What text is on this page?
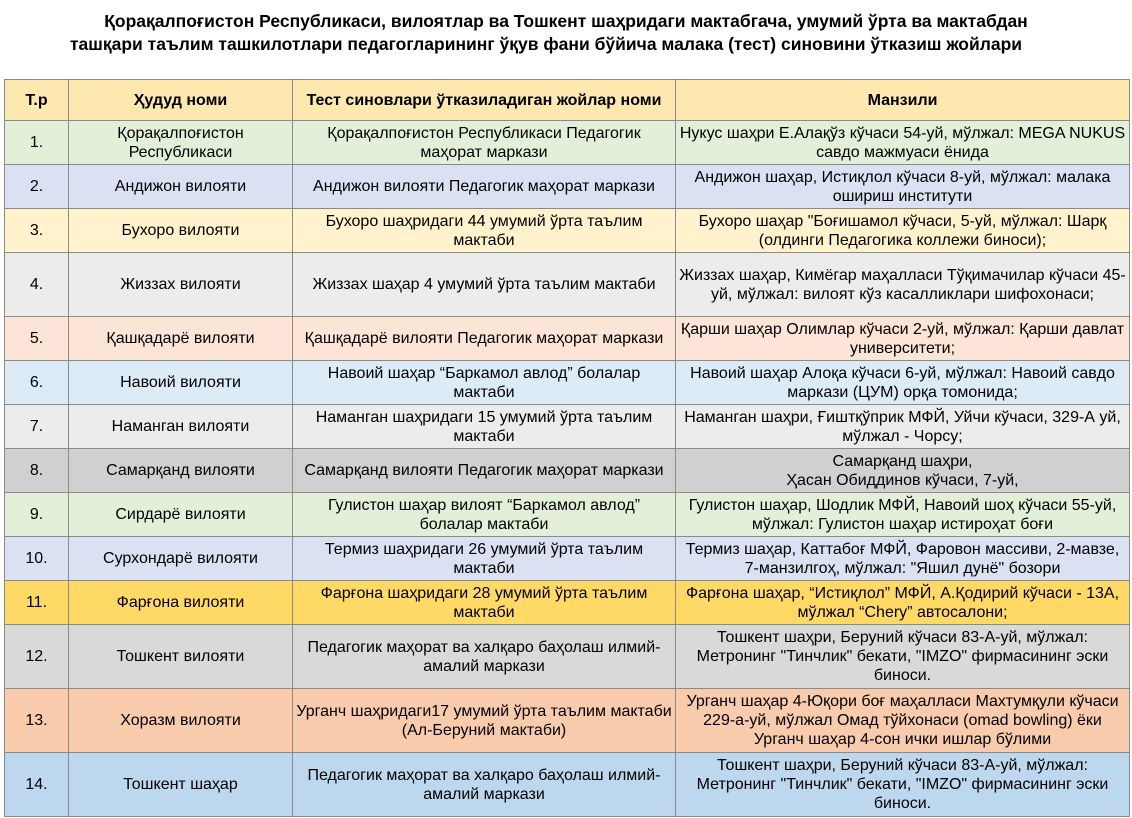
Қорақалпоғистон Республикаси, вилоятлар ва Тошкент шаҳридаги мактабгача, умумий ўрта ва мактабдан
ташқари таълим ташкилотлари педагогларининг ўқув фани бўйича малака (тест) синовини ўтказиш жойлари
Т.р	Ҳудуд номи	Тест синовлари ўтказиладиган жойлар номи	Манзили
1.	Қорақалпоғистон Республикаси	Қорақалпоғистон Республикаси Педагогик маҳорат маркази	Нукус шаҳри Е.Алақўз кўчаси 54-уй, мўлжал: MEGA NUKUS савдо мажмуаси ёнида
2.	Андижон вилояти	Андижон вилояти Педагогик маҳорат маркази	Андижон шаҳар, Истиқлол кўчаси 8-уй, мўлжал: малака ошириш институти
3.	Бухоро вилояти	Бухоро шаҳридаги 44 умумий ўрта таълим мактаби	Бухоро шаҳар "Боғишамол кўчаси, 5-уй, мўлжал: Шарқ (олдинги Педагогика коллежи биноси);
4.	Жиззах вилояти	Жиззах шаҳар 4 умумий ўрта таълим мактаби	Жиззах шаҳар, Кимёгар маҳалласи Тўқимачилар кўчаси 45-уй, мўлжал: вилоят кўз касалликлари шифохонаси;
5.	Қашқадарё вилояти	Қашқадарё вилояти Педагогик маҳорат маркази	Қарши шаҳар Олимлар кўчаси 2-уй, мўлжал: Қарши давлат университети;
6.	Навоий вилояти	Навоий шаҳар “Баркамол авлод” болалар мактаби	Навоий шаҳар Алоқа кўчаси 6-уй, мўлжал: Навоий савдо маркази (ЦУМ) орқа томонида;
7.	Наманган вилояти	Наманган шаҳридаги 15 умумий ўрта таълим мактаби	Наманган шаҳри, Ғиштқўприк МФЙ, Уйчи кўчаси, 329-А уй, мўлжал - Чорсу;
8.	Самарқанд вилояти	Самарқанд вилояти Педагогик маҳорат маркази	Самарқанд шаҳри,
Ҳасан Обиддинов кўчаси, 7-уй,
9.	Сирдарё вилояти	Гулистон шаҳар вилоят “Баркамол авлод” болалар мактаби	Гулистон шаҳар, Шодлик МФЙ, Навоий шоҳ кўчаси 55-уй, мўлжал: Гулистон шаҳар истироҳат боғи
10.	Сурхондарё вилояти	Термиз шаҳридаги 26 умумий ўрта таълим мактаби	Термиз шаҳар, Каттабоғ МФЙ, Фаровон массиви, 2-мавзе, 7-манзилгоҳ, мўлжал: "Яшил дунё" бозори
11.	Фарғона вилояти	Фарғона шаҳридаги 28 умумий ўрта таълим мактаби	Фарғона шаҳар, “Истиқлол” МФЙ, А.Қодирий кўчаси - 13А, мўлжал “Chery” автосалони;
12.	Тошкент вилояти	Педагогик маҳорат ва халқаро баҳолаш илмий-амалий маркази	Тошкент шаҳри, Беруний кўчаси 83-А-уй, мўлжал: Метронинг "Тинчлик" бекати, "IMZO" фирмасининг эски биноси.
13.	Хоразм вилояти	Урганч шаҳридаги17 умумий ўрта таълим мактаби (Ал-Беруний мактаби)	Урганч шаҳар 4-Юқори боғ маҳалласи Махтумқули кўчаси 229-а-уй, мўлжал Омад тўйхонаси (omad bowling) ёки Урганч шаҳар 4-сон ички ишлар бўлими
14.	Тошкент шаҳар	Педагогик маҳорат ва халқаро баҳолаш илмий-амалий маркази	Тошкент шаҳри, Беруний кўчаси 83-А-уй, мўлжал: Метронинг "Тинчлик" бекати, "IMZO" фирмасининг эски биноси.
